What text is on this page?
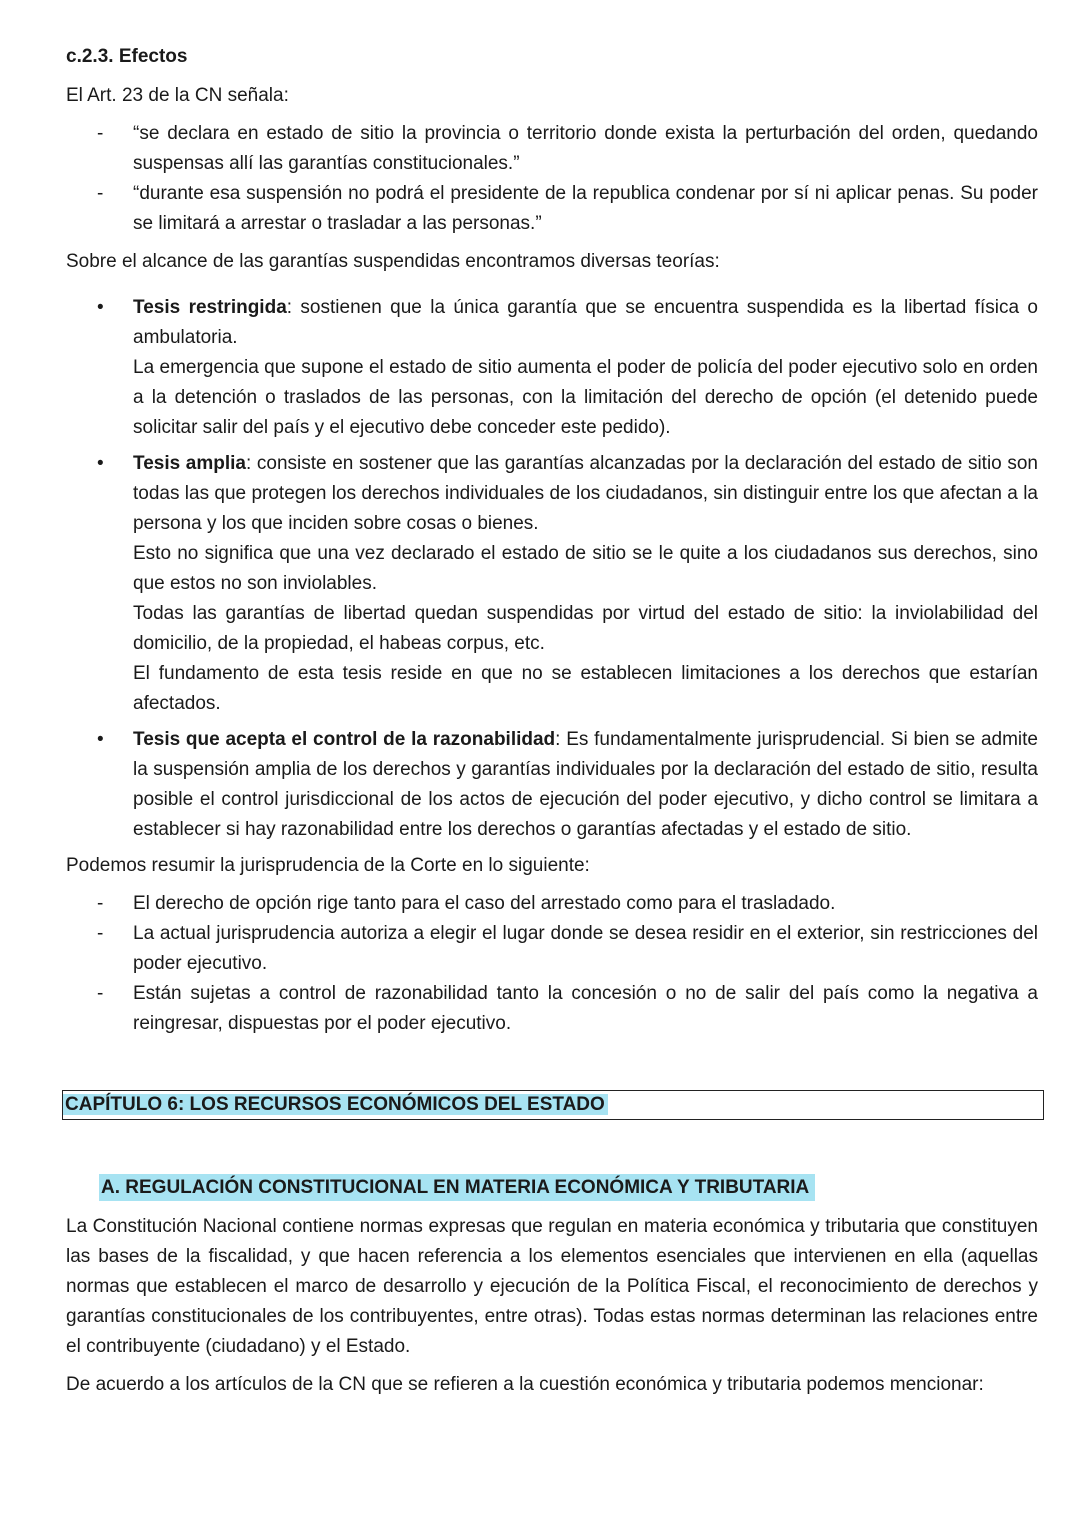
c.2.3. Efectos

El Art. 23 de la CN señala:

- “se declara en estado de sitio la provincia o territorio donde exista la perturbación del orden, quedando suspensas allí las garantías constitucionales.”
- “durante esa suspensión no podrá el presidente de la republica condenar por sí ni aplicar penas. Su poder se limitará a arrestar o trasladar a las personas.”

Sobre el alcance de las garantías suspendidas encontramos diversas teorías:

• Tesis restringida: sostienen que la única garantía que se encuentra suspendida es la libertad física o ambulatoria.

La emergencia que supone el estado de sitio aumenta el poder de policía del poder ejecutivo solo en orden a la detención o traslados de las personas, con la limitación del derecho de opción (el detenido puede solicitar salir del país y el ejecutivo debe conceder este pedido).

• Tesis amplia: consiste en sostener que las garantías alcanzadas por la declaración del estado de sitio son todas las que protegen los derechos individuales de los ciudadanos, sin distinguir entre los que afectan a la persona y los que inciden sobre cosas o bienes.

Esto no significa que una vez declarado el estado de sitio se le quite a los ciudadanos sus derechos, sino que estos no son inviolables.

Todas las garantías de libertad quedan suspendidas por virtud del estado de sitio: la inviolabilidad del domicilio, de la propiedad, el habeas corpus, etc.

El fundamento de esta tesis reside en que no se establecen limitaciones a los derechos que estarían afectados.

• Tesis que acepta el control de la razonabilidad: Es fundamentalmente jurisprudencial. Si bien se admite la suspensión amplia de los derechos y garantías individuales por la declaración del estado de sitio, resulta posible el control jurisdiccional de los actos de ejecución del poder ejecutivo, y dicho control se limitara a establecer si hay razonabilidad entre los derechos o garantías afectadas y el estado de sitio.

Podemos resumir la jurisprudencia de la Corte en lo siguiente:

- El derecho de opción rige tanto para el caso del arrestado como para el trasladado.
- La actual jurisprudencia autoriza a elegir el lugar donde se desea residir en el exterior, sin restricciones del poder ejecutivo.
- Están sujetas a control de razonabilidad tanto la concesión o no de salir del país como la negativa a reingresar, dispuestas por el poder ejecutivo.
CAPÍTULO 6: LOS RECURSOS ECONÓMICOS DEL ESTADO
A. REGULACIÓN CONSTITUCIONAL EN MATERIA ECONÓMICA Y TRIBUTARIA

La Constitución Nacional contiene normas expresas que regulan en materia económica y tributaria que constituyen las bases de la fiscalidad, y que hacen referencia a los elementos esenciales que intervienen en ella (aquellas normas que establecen el marco de desarrollo y ejecución de la Política Fiscal, el reconocimiento de derechos y garantías constitucionales de los contribuyentes, entre otras). Todas estas normas determinan las relaciones entre el contribuyente (ciudadano) y el Estado.

De acuerdo a los artículos de la CN que se refieren a la cuestión económica y tributaria podemos mencionar:
